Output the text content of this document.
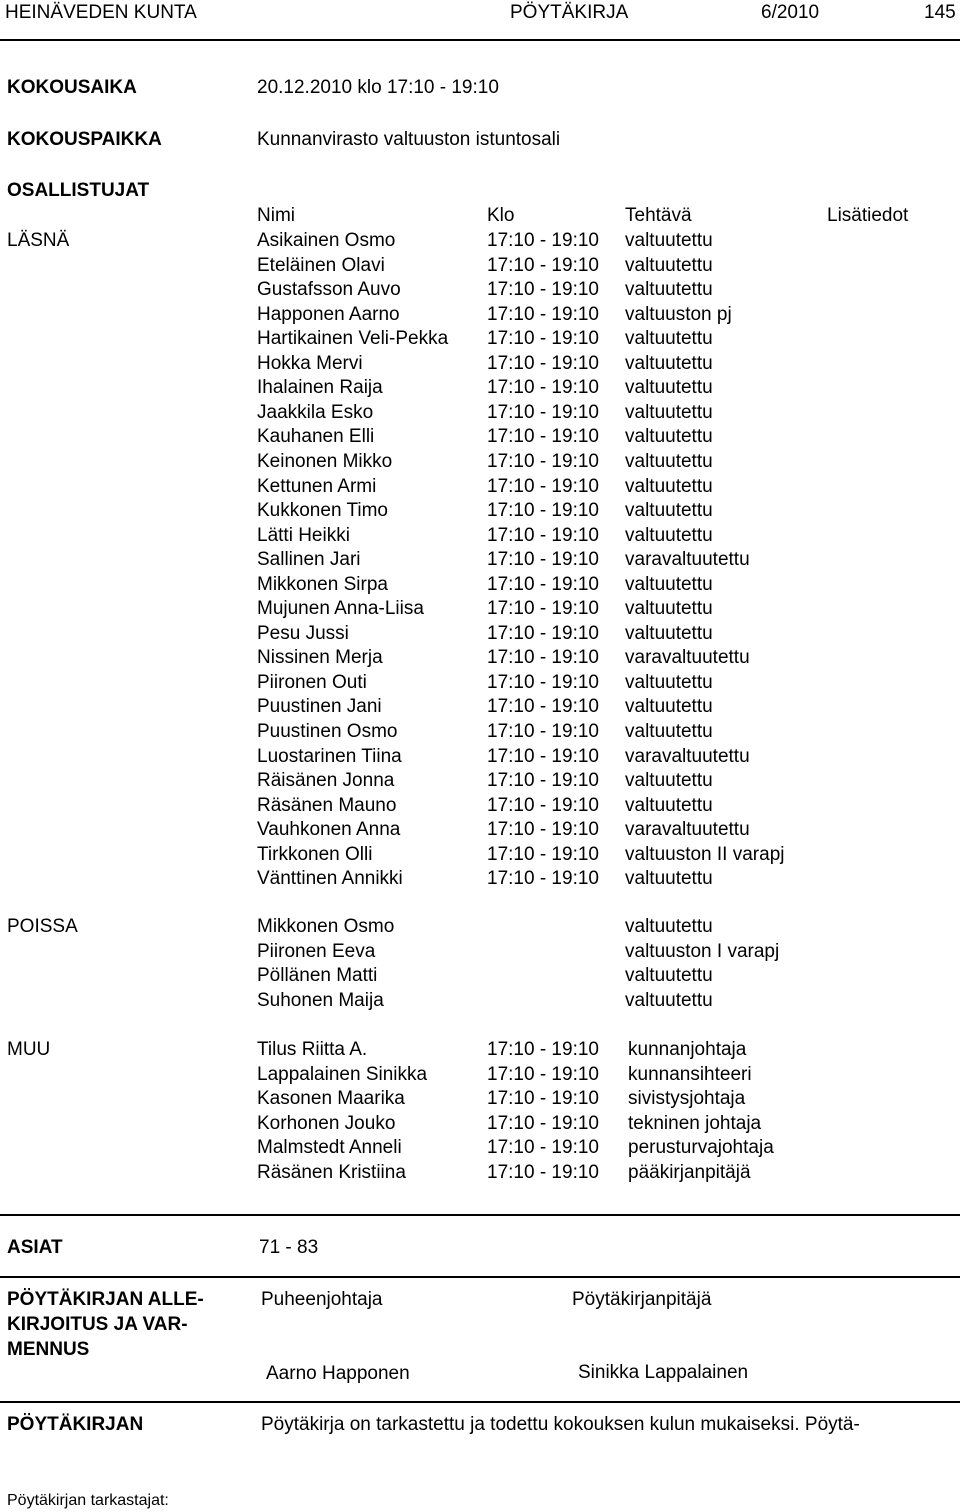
HEINÄVEDEN KUNTA	PÖYTÄKIRJA	6/2010	145
KOKOUSAIKA	20.12.2010 klo 17:10 - 19:10
KOKOUSPAIKKA	Kunnanvirasto valtuuston istuntosali
OSALLISTUJAT
Nimi	Klo	Tehtävä	Lisätiedot
LÄSNÄ	Asikainen Osmo	17:10 - 19:10 valtuutettu
Eteläinen Olavi	17:10 - 19:10 valtuutettu
Gustafsson Auvo	17:10 - 19:10 valtuutettu
Happonen Aarno	17:10 - 19:10 valtuuston pj
Hartikainen Veli-Pekka 17:10 - 19:10 valtuutettu
Hokka Mervi	17:10 - 19:10 valtuutettu
Ihalainen Raija	17:10 - 19:10 valtuutettu
Jaakkila Esko	17:10 - 19:10 valtuutettu
Kauhanen Elli	17:10 - 19:10 valtuutettu
Keinonen Mikko	17:10 - 19:10 valtuutettu
Kettunen Armi	17:10 - 19:10 valtuutettu
Kukkonen Timo	17:10 - 19:10 valtuutettu
Lätti Heikki	17:10 - 19:10 valtuutettu
Sallinen Jari	17:10 - 19:10 varavaltuutettu
Mikkonen Sirpa	17:10 - 19:10 valtuutettu
Mujunen Anna-Liisa	17:10 - 19:10 valtuutettu
Pesu Jussi	17:10 - 19:10 valtuutettu
Nissinen Merja	17:10 - 19:10 varavaltuutettu
Piironen Outi	17:10 - 19:10 valtuutettu
Puustinen Jani	17:10 - 19:10 valtuutettu
Puustinen Osmo	17:10 - 19:10 valtuutettu
Luostarinen Tiina	17:10 - 19:10 varavaltuutettu
Räisänen Jonna	17:10 - 19:10 valtuutettu
Räsänen Mauno	17:10 - 19:10 valtuutettu
Vauhkonen Anna	17:10 - 19:10 varavaltuutettu
Tirkkonen Olli	17:10 - 19:10 valtuuston II varapj
Vänttinen Annikki	17:10 - 19:10 valtuutettu
POISSA	Mikkonen Osmo	valtuutettu
Piironen Eeva	valtuuston I varapj
Pöllänen Matti	valtuutettu
Suhonen Maija	valtuutettu
MUU	Tilus Riitta A.	17:10 - 19:10 kunnanjohtaja
Lappalainen Sinikka	17:10 - 19:10 kunnansihteeri
Kasonen Maarika	17:10 - 19:10 sivistysjohtaja
Korhonen Jouko	17:10 - 19:10 tekninen johtaja
Malmstedt Anneli	17:10 - 19:10 perusturvajohtaja
Räsänen Kristiina	17:10 - 19:10 pääkirjanpitäjä
ASIAT	71 - 83
PÖYTÄKIRJAN ALLE-
KIRJOITUS JA VAR-
MENNUS
Puheenjohtaja	Pöytäkirjanpitäjä
Aarno Happonen	Sinikka Lappalainen
PÖYTÄKIRJAN	Pöytäkirja on tarkastettu ja todettu kokouksen kulun mukaiseksi. Pöytä-
Pöytäkirjan tarkastajat:
